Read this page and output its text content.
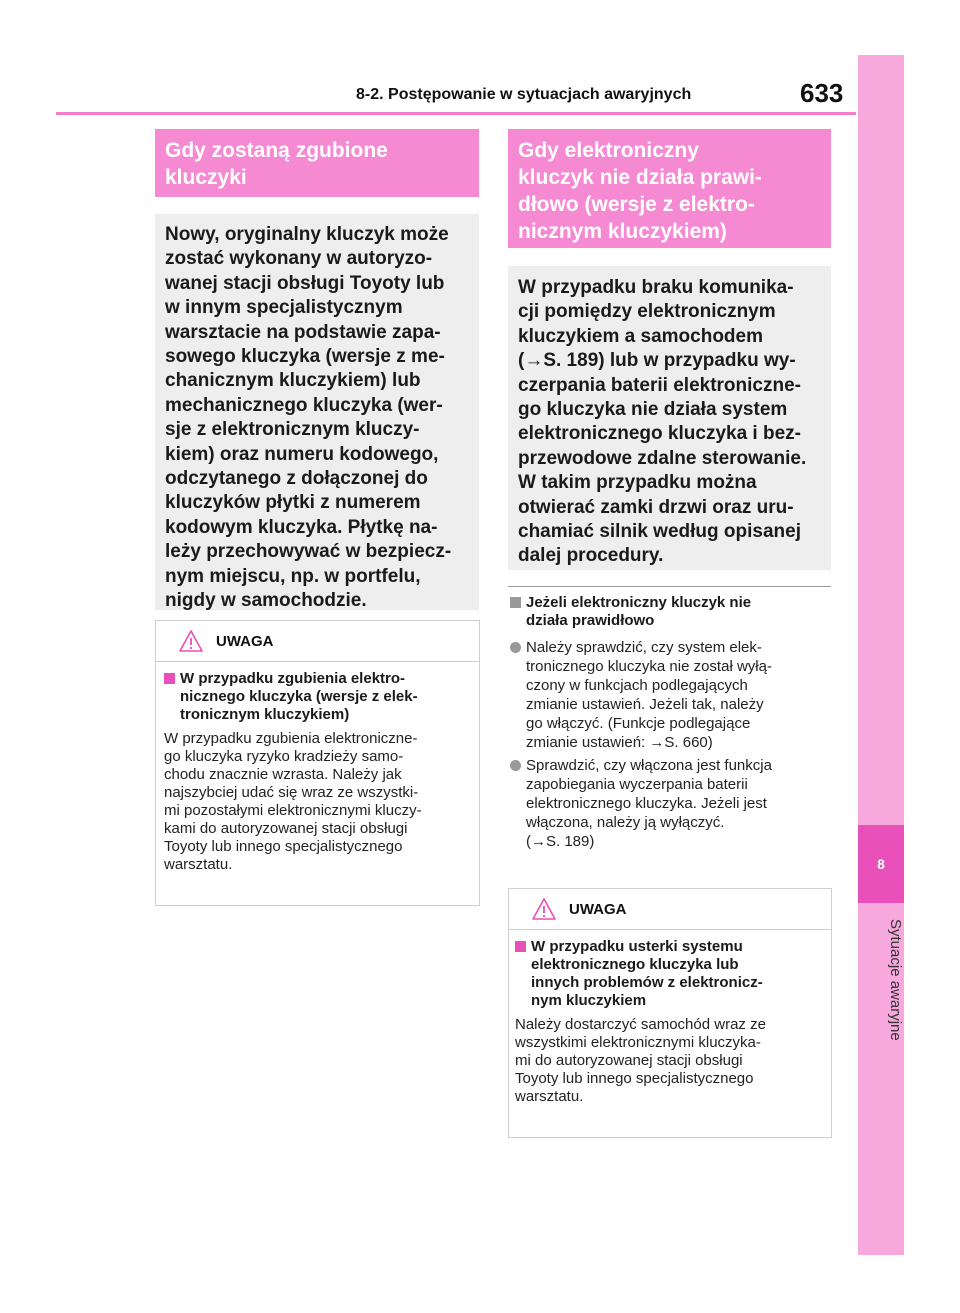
8-2. Postępowanie w sytuacjach awaryjnych	633
8
Sytuacje awaryjne
Gdy zostaną zgubione
kluczyki
Nowy, oryginalny kluczyk może
zostać wykonany w autoryzo-
wanej stacji obsługi Toyoty lub
w innym specjalistycznym
warsztacie na podstawie zapa-
sowego kluczyka (wersje z me-
chanicznym kluczykiem) lub
mechanicznego kluczyka (wer-
sje z elektronicznym kluczy-
kiem) oraz numeru kodowego,
odczytanego z dołączonej do
kluczyków płytki z numerem
kodowym kluczyka. Płytkę na-
leży przechowywać w bezpiecz-
nym miejscu, np. w portfelu,
nigdy w samochodzie.
UWAGA
W przypadku zgubienia elektro-
nicznego kluczyka (wersje z elek-
tronicznym kluczykiem)
W przypadku zgubienia elektroniczne-
go kluczyka ryzyko kradzieży samo-
chodu znacznie wzrasta. Należy jak
najszybciej udać się wraz ze wszystki-
mi pozostałymi elektronicznymi kluczy-
kami do autoryzowanej stacji obsługi
Toyoty lub innego specjalistycznego
warsztatu.
Gdy elektroniczny
kluczyk nie działa prawi-
dłowo (wersje z elektro-
nicznym kluczykiem)
W przypadku braku komunika-
cji pomiędzy elektronicznym
kluczykiem a samochodem
(→S. 189) lub w przypadku wy-
czerpania baterii elektroniczne-
go kluczyka nie działa system
elektronicznego kluczyka i bez-
przewodowe zdalne sterowanie.
W takim przypadku można
otwierać zamki drzwi oraz uru-
chamiać silnik według opisanej
dalej procedury.
Jeżeli elektroniczny kluczyk nie
działa prawidłowo
Należy sprawdzić, czy system elek-
tronicznego kluczyka nie został wyłą-
czony w funkcjach podlegających
zmianie ustawień. Jeżeli tak, należy
go włączyć. (Funkcje podlegające
zmianie ustawień: →S. 660)
Sprawdzić, czy włączona jest funkcja
zapobiegania wyczerpania baterii
elektronicznego kluczyka. Jeżeli jest
włączona, należy ją wyłączyć.
(→S. 189)
UWAGA
W przypadku usterki systemu
elektronicznego kluczyka lub
innych problemów z elektronicz-
nym kluczykiem
Należy dostarczyć samochód wraz ze
wszystkimi elektronicznymi kluczyka-
mi do autoryzowanej stacji obsługi
Toyoty lub innego specjalistycznego
warsztatu.
